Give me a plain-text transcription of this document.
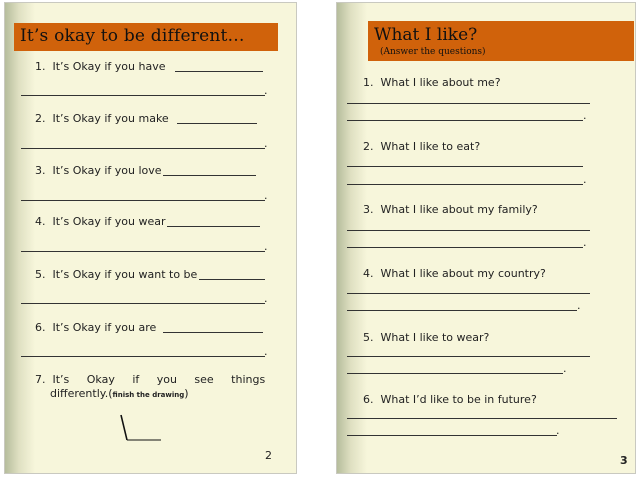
It’s okay to be different…
1.  It’s Okay if you have
.
2.  It’s Okay if you make
.
3.  It’s Okay if you love
.
4.  It’s Okay if you wear
.
5.  It’s Okay if you want to be
.
6.  It’s Okay if you are
.
7.  It’s     Okay     if     you     see     things
differently.(finish the drawing)
2
What I like?
(Answer the questions)
1.  What I like about me?
.
2.  What I like to eat?
.
3.  What I like about my family?
.
4.  What I like about my country?
.
5.  What I like to wear?
.
6.  What I’d like to be in future?
.
3
